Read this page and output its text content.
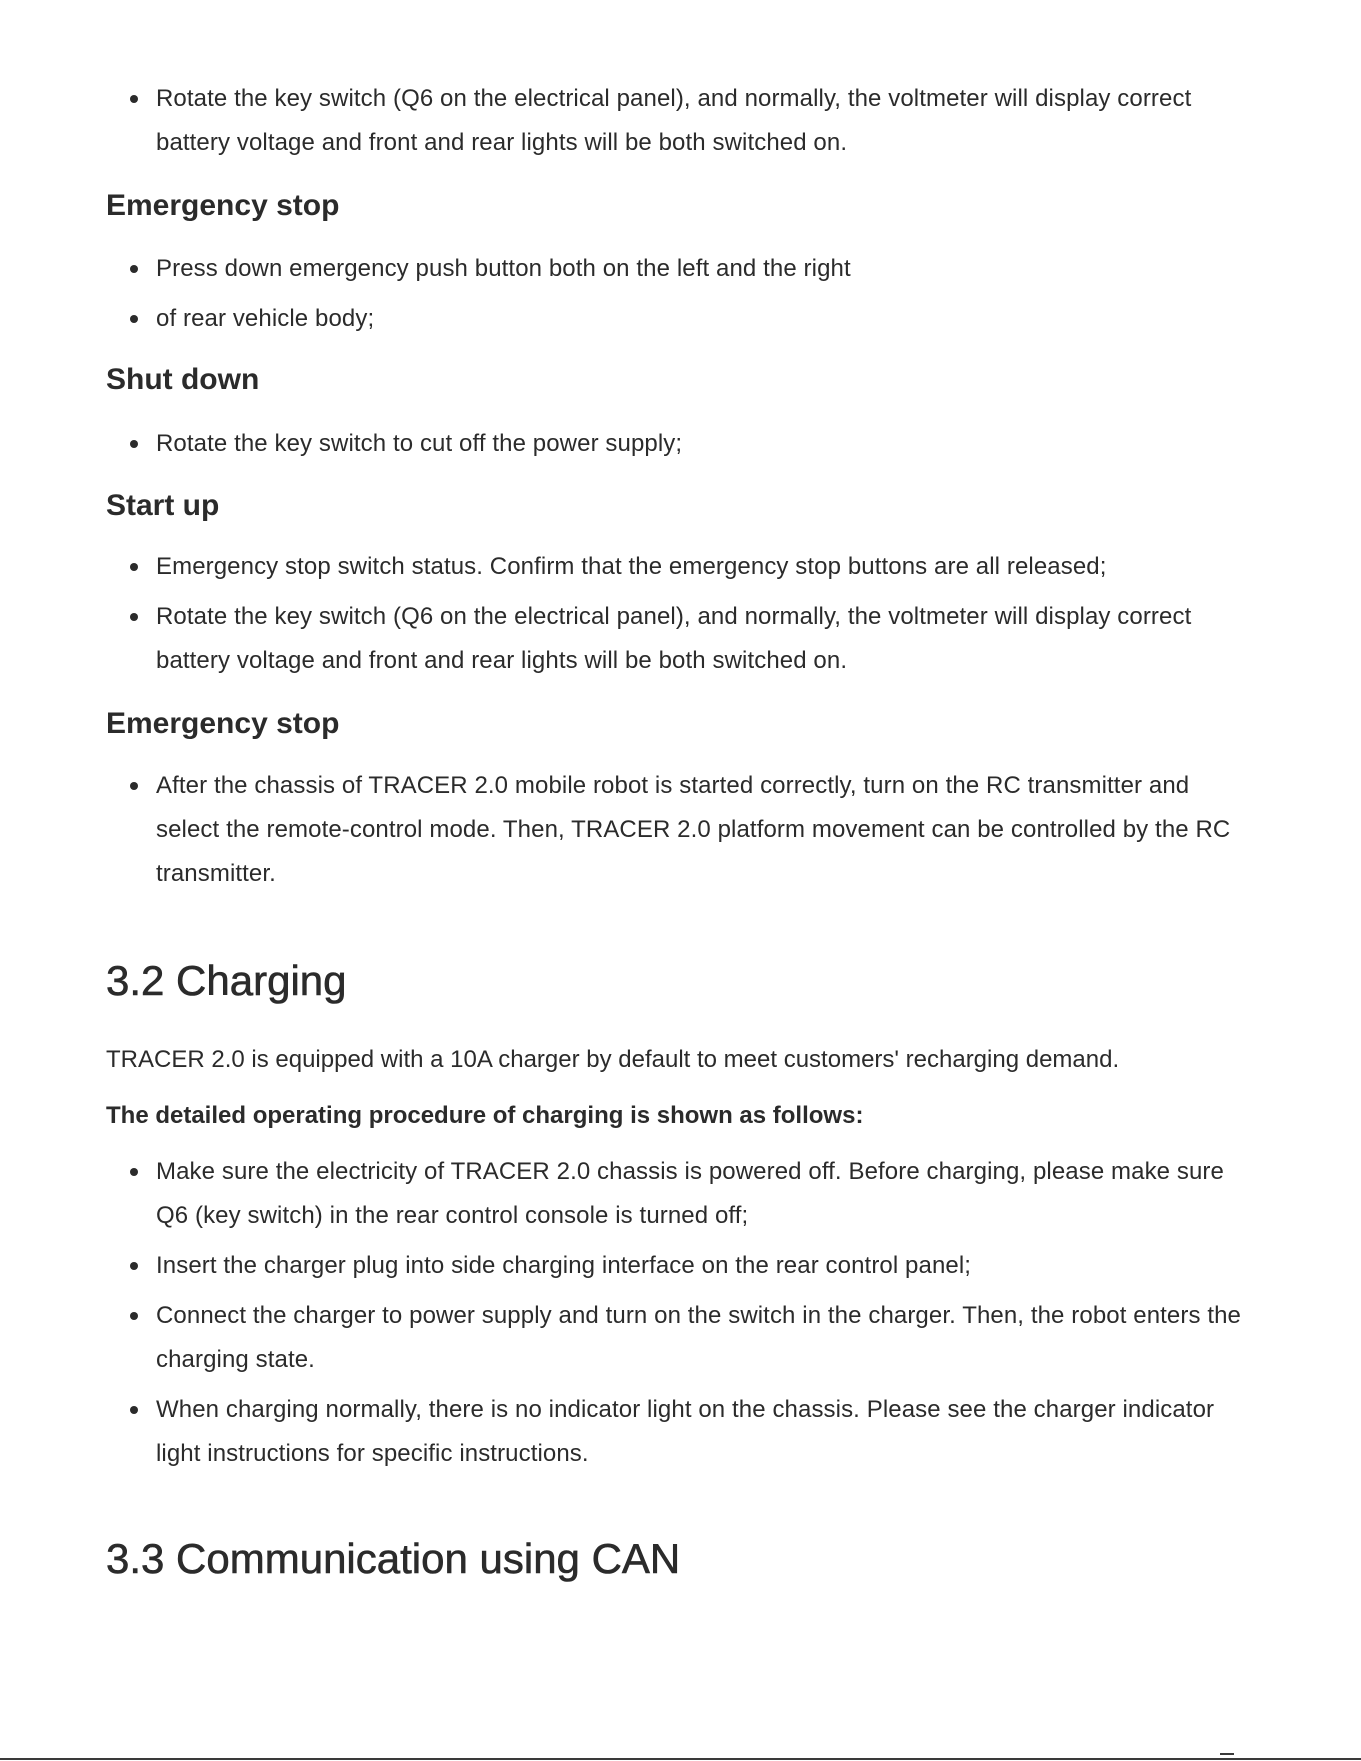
Rotate the key switch (Q6 on the electrical panel), and normally, the voltmeter will display correct battery voltage and front and rear lights will be both switched on.
Emergency stop
Press down emergency push button both on the left and the right
of rear vehicle body;
Shut down
Rotate the key switch to cut off the power supply;
Start up
Emergency stop switch status. Confirm that the emergency stop buttons are all released;
Rotate the key switch (Q6 on the electrical panel), and normally, the voltmeter will display correct battery voltage and front and rear lights will be both switched on.
Emergency stop
After the chassis of TRACER 2.0 mobile robot is started correctly, turn on the RC transmitter and select the remote-control mode. Then, TRACER 2.0 platform movement can be controlled by the RC transmitter.
3.2 Charging

TRACER 2.0 is equipped with a 10A charger by default to meet customers' recharging demand.

The detailed operating procedure of charging is shown as follows:

Make sure the electricity of TRACER 2.0 chassis is powered off. Before charging, please make sure Q6 (key switch) in the rear control console is turned off;
Insert the charger plug into side charging interface on the rear control panel;
Connect the charger to power supply and turn on the switch in the charger. Then, the robot enters the charging state.
When charging normally, there is no indicator light on the chassis. Please see the charger indicator light instructions for specific instructions.
3.3 Communication using CAN
